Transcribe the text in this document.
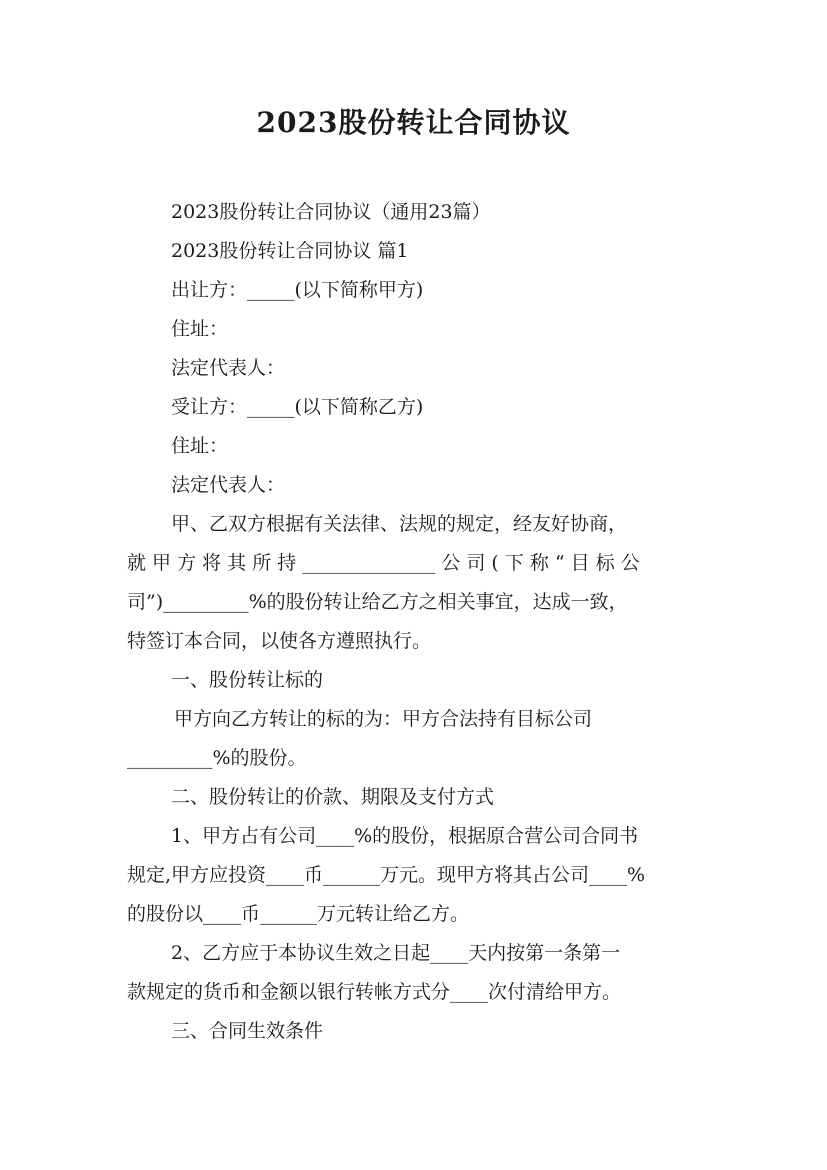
2023股份转让合同协议
2023股份转让合同协议（通用23篇）
2023股份转让合同协议 篇1
出让方：_____(以下简称甲方)
住址：
法定代表人：
受让方：_____(以下简称乙方)
住址：
法定代表人：
甲、乙双方根据有关法律、法规的规定，经友好协商，
就 甲 方 将 其 所 持 ______________ 公 司 ( 下 称 “ 目 标 公
司”)_________%的股份转让给乙方之相关事宜，达成一致，
特签订本合同，以使各方遵照执行。
一、股份转让标的
甲方向乙方转让的标的为：甲方合法持有目标公司
_________%的股份。
二、股份转让的价款、期限及支付方式
1、甲方占有公司____%的股份，根据原合营公司合同书
规定,甲方应投资____币______万元。现甲方将其占公司____%
的股份以____币______万元转让给乙方。
2、乙方应于本协议生效之日起____天内按第一条第一
款规定的货币和金额以银行转帐方式分____次付清给甲方。
三、合同生效条件
